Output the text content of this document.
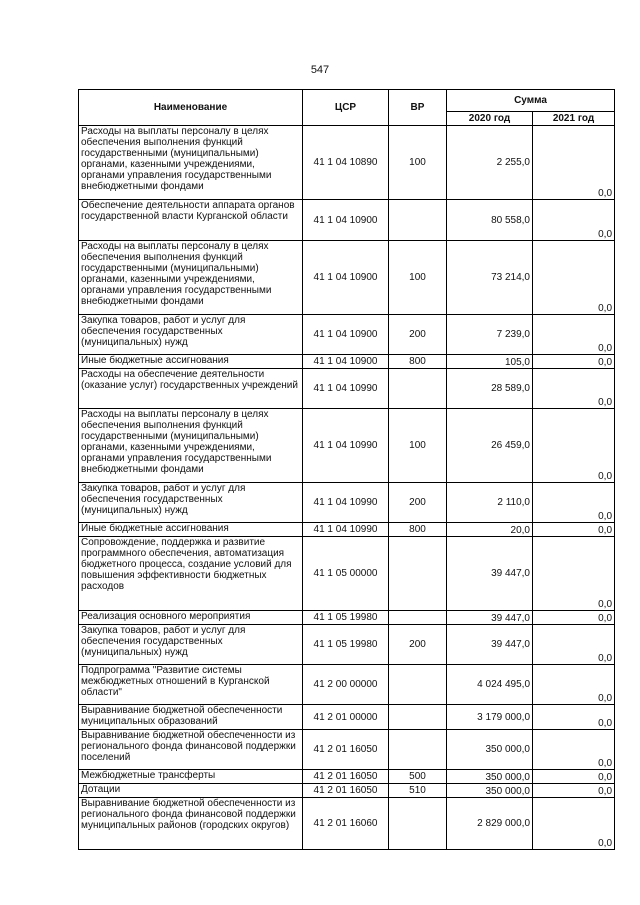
547
Наименование	ЦСР	ВР	Сумма	
			2020 год	2021 год
Расходы на выплаты персоналу в целях обеспечения выполнения функций государственными (муниципальными) органами, казенными учреждениями, органами управления государственными внебюджетными фондами	41 1 04 10890	100	2 255,0	0,0
Обеспечение деятельности аппарата органов государственной власти Курганской области	41 1 04 10900		80 558,0	0,0
Расходы на выплаты персоналу в целях обеспечения выполнения функций государственными (муниципальными) органами, казенными учреждениями, органами управления государственными внебюджетными фондами	41 1 04 10900	100	73 214,0	0,0
Закупка товаров, работ и услуг для обеспечения государственных (муниципальных) нужд	41 1 04 10900	200	7 239,0	0,0
Иные бюджетные ассигнования	41 1 04 10900	800	105,0	0,0
Расходы на обеспечение деятельности (оказание услуг) государственных учреждений	41 1 04 10990		28 589,0	0,0
Расходы на выплаты персоналу в целях обеспечения выполнения функций государственными (муниципальными) органами, казенными учреждениями, органами управления государственными внебюджетными фондами	41 1 04 10990	100	26 459,0	0,0
Закупка товаров, работ и услуг для обеспечения государственных (муниципальных) нужд	41 1 04 10990	200	2 110,0	0,0
Иные бюджетные ассигнования	41 1 04 10990	800	20,0	0,0
Сопровождение, поддержка и развитие программного обеспечения, автоматизация бюджетного процесса, создание условий для повышения эффективности бюджетных расходов	41 1 05 00000		39 447,0	0,0
Реализация основного мероприятия	41 1 05 19980		39 447,0	0,0
Закупка товаров, работ и услуг для обеспечения государственных (муниципальных) нужд	41 1 05 19980	200	39 447,0	0,0
Подпрограмма "Развитие системы межбюджетных отношений в Курганской области"	41 2 00 00000		4 024 495,0	0,0
Выравнивание бюджетной обеспеченности муниципальных образований	41 2 01 00000		3 179 000,0	0,0
Выравнивание бюджетной обеспеченности из регионального фонда финансовой поддержки поселений	41 2 01 16050		350 000,0	0,0
Межбюджетные трансферты	41 2 01 16050	500	350 000,0	0,0
Дотации	41 2 01 16050	510	350 000,0	0,0
Выравнивание бюджетной обеспеченности из регионального фонда финансовой поддержки муниципальных районов (городских округов)	41 2 01 16060		2 829 000,0	0,0
